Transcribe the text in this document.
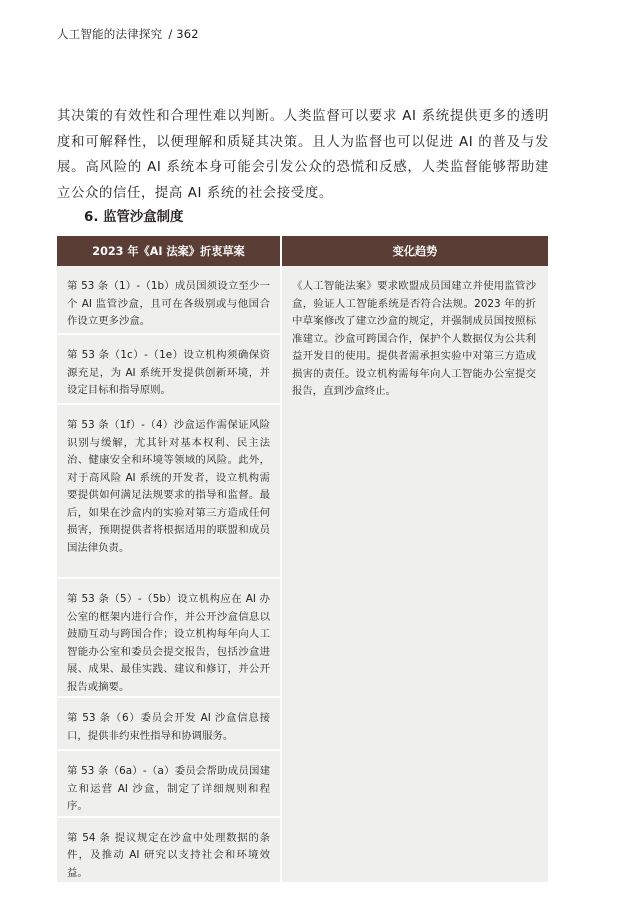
人工智能的法律探究 / 362

其决策的有效性和合理性难以判断。人类监督可以要求 AI 系统提供更多的透明度和可解释性，以便理解和质疑其决策。且人为监督也可以促进 AI 的普及与发展。高风险的 AI 系统本身可能会引发公众的恐慌和反感，人类监督能够帮助建立公众的信任，提高 AI 系统的社会接受度。

6. 监管沙盒制度
2023 年《AI 法案》折衷草案	变化趋势

第 53 条（1）-（1b）成员国须设立至少一个 AI 监管沙盒，且可在各级别或与他国合作设立更多沙盒。	《人工智能法案》要求欧盟成员国建立并使用监管沙盒，验证人工智能系统是否符合法规。2023 年的折中草案修改了建立沙盒的规定，并强制成员国按照标准建立。沙盒可跨国合作，保护个人数据仅为公共利益开发目的使用。提供者需承担实验中对第三方造成损害的责任。设立机构需每年向人工智能办公室提交报告，直到沙盒终止。

第 53 条（1c）-（1e）设立机构须确保资源充足，为 AI 系统开发提供创新环境，并设定目标和指导原则。	

第 53 条（1f）-（4）沙盒运作需保证风险识别与缓解，尤其针对基本权利、民主法治、健康安全和环境等领域的风险。此外，对于高风险 AI 系统的开发者，设立机构需要提供如何满足法规要求的指导和监督。最后，如果在沙盒内的实验对第三方造成任何损害，预期提供者将根据适用的联盟和成员国法律负责。	

第 53 条（5）-（5b）设立机构应在 AI 办公室的框架内进行合作，并公开沙盒信息以鼓励互动与跨国合作；设立机构每年向人工智能办公室和委员会提交报告，包括沙盒进展、成果、最佳实践、建议和修订，并公开报告或摘要。	

第 53 条（6）委员会开发 AI 沙盒信息接口，提供非约束性指导和协调服务。	

第 53 条（6a）-（a）委员会帮助成员国建立和运营 AI 沙盒，制定了详细规则和程序。	

第 54 条 提议规定在沙盒中处理数据的条件，及推动 AI 研究以支持社会和环境效益。	
